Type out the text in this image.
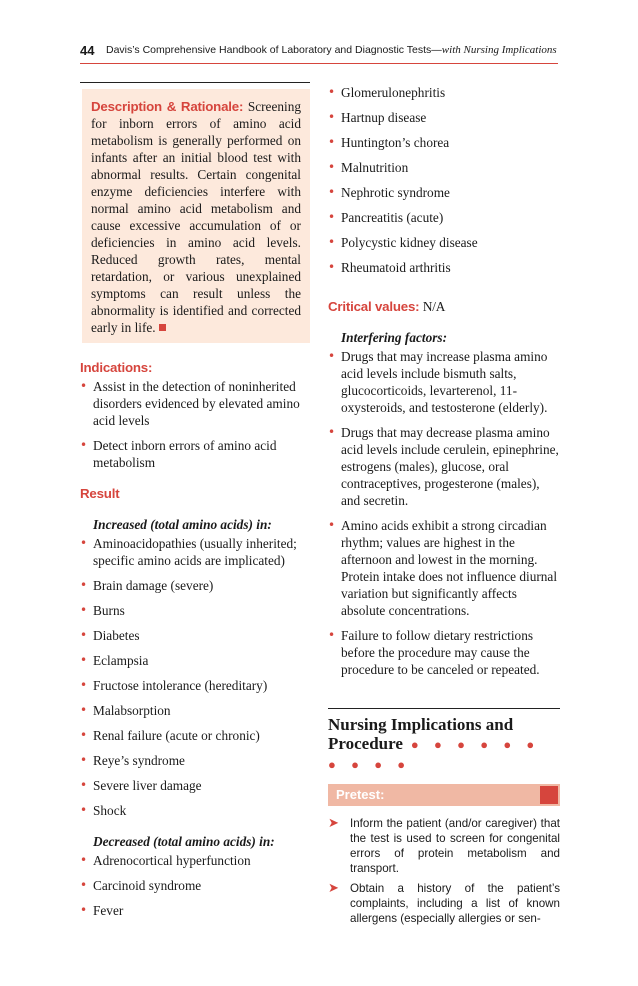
44 Davis’s Comprehensive Handbook of Laboratory and Diagnostic Tests—with Nursing Implications
Description & Rationale: Screening for inborn errors of amino acid metabolism is generally performed on infants after an initial blood test with abnormal results. Certain congenital enzyme deficiencies interfere with normal amino acid metabolism and cause excessive accumulation of or deficiencies in amino acid levels. Reduced growth rates, mental retardation, or various unexplained symptoms can result unless the abnormality is identified and corrected early in life.
Indications:
• Assist in the detection of noninherited disorders evidenced by elevated amino acid levels
• Detect inborn errors of amino acid metabolism
Result
Increased (total amino acids) in:
• Aminoacidopathies (usually inherited; specific amino acids are implicated)
• Brain damage (severe)
• Burns
• Diabetes
• Eclampsia
• Fructose intolerance (hereditary)
• Malabsorption
• Renal failure (acute or chronic)
• Reye’s syndrome
• Severe liver damage
• Shock
Decreased (total amino acids) in:
• Adrenocortical hyperfunction
• Carcinoid syndrome
• Fever
• Glomerulonephritis
• Hartnup disease
• Huntington’s chorea
• Malnutrition
• Nephrotic syndrome
• Pancreatitis (acute)
• Polycystic kidney disease
• Rheumatoid arthritis
Critical values: N/A
Interfering factors:
• Drugs that may increase plasma amino acid levels include bismuth salts, glucocorticoids, levarterenol, 11-oxysteroids, and testosterone (elderly).
• Drugs that may decrease plasma amino acid levels include cerulein, epinephrine, estrogens (males), glucose, oral contraceptives, progesterone (males), and secretin.
• Amino acids exhibit a strong circadian rhythm; values are highest in the afternoon and lowest in the morning. Protein intake does not influence diurnal variation but significantly affects absolute concentrations.
• Failure to follow dietary restrictions before the procedure may cause the procedure to be canceled or repeated.
Nursing Implications and
Procedure ● ● ● ● ● ● ● ● ● ●
Pretest:
➤ Inform the patient (and/or caregiver) that the test is used to screen for congenital errors of protein metabolism and transport.
➤ Obtain a history of the patient’s complaints, including a list of known allergens (especially allergies or sen-
